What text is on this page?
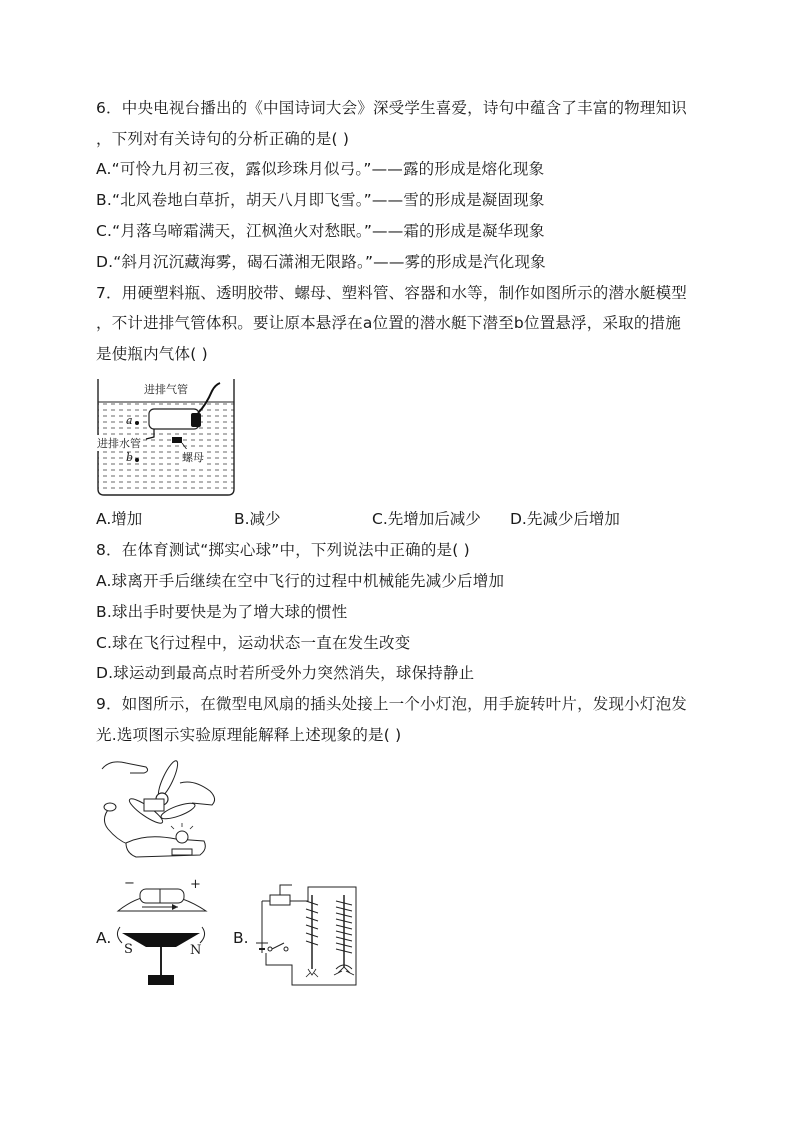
6．中央电视台播出的《中国诗词大会》深受学生喜爱，诗句中蕴含了丰富的物理知识
，下列对有关诗句的分析正确的是( )
A.“可怜九月初三夜，露似珍珠月似弓。”——露的形成是熔化现象
B.“北风卷地白草折，胡天八月即飞雪。”——雪的形成是凝固现象
C.“月落乌啼霜满天，江枫渔火对愁眠。”——霜的形成是凝华现象
D.“斜月沉沉藏海雾，碣石潇湘无限路。”——雾的形成是汽化现象
7．用硬塑料瓶、透明胶带、螺母、塑料管、容器和水等，制作如图所示的潜水艇模型
，不计进排气管体积。要让原本悬浮在a位置的潜水艇下潜至b位置悬浮，采取的措施
是使瓶内气体( )
进排气管
进排水管
螺母
a
b
A.增加	B.减少	C.先增加后减少 D.先减少后增加
8．在体育测试“掷实心球”中，下列说法中正确的是( )
A.球离开手后继续在空中飞行的过程中机械能先减少后增加
B.球出手时要快是为了增大球的惯性
C.球在飞行过程中，运动状态一直在发生改变
D.球运动到最高点时若所受外力突然消失，球保持静止
9．如图所示，在微型电风扇的插头处接上一个小灯泡，用手旋转叶片，发现小灯泡发
光.选项图示实验原理能解释上述现象的是( )
A.
−	+
S	N
B.
